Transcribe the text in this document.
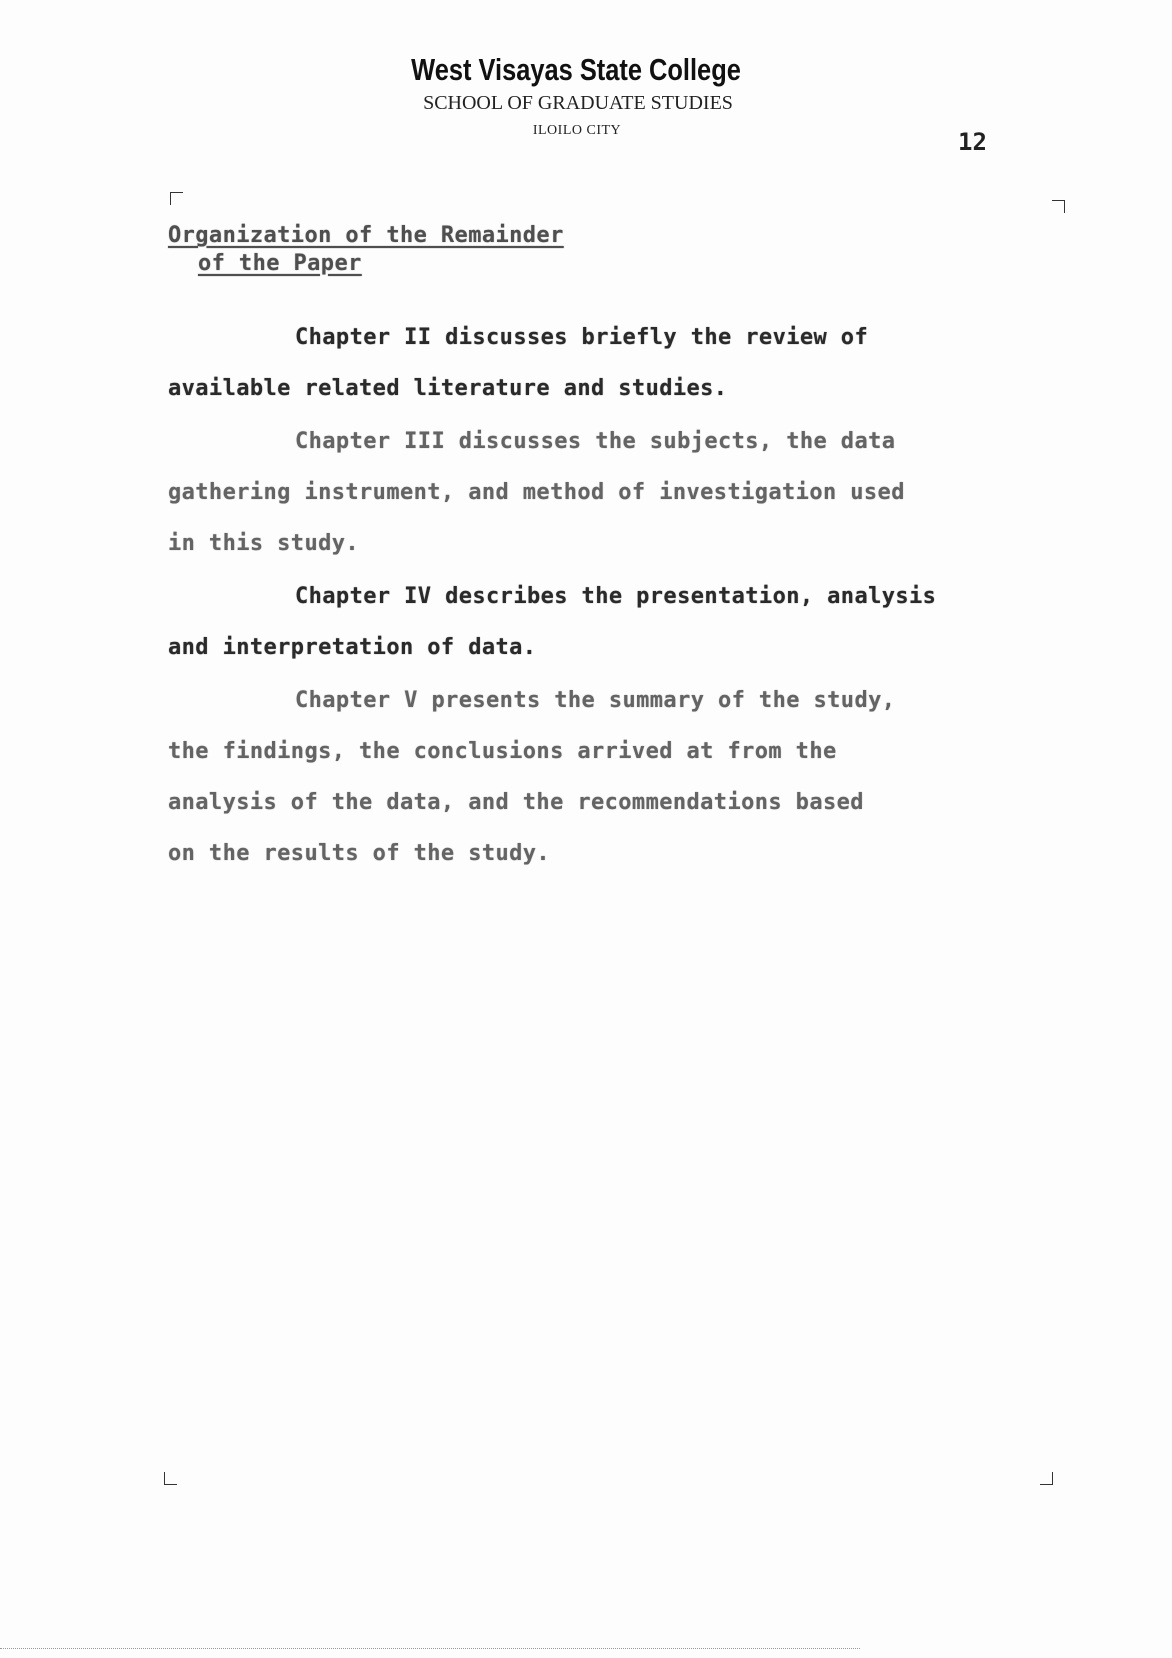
West Visayas State College
SCHOOL OF GRADUATE STUDIES
ILOILO CITY	12
Organization of the Remainder
of the Paper

Chapter II discusses briefly the review of
available related literature and studies.

Chapter III discusses the subjects, the data
gathering instrument, and method of investigation used
in this study.

Chapter IV describes the presentation, analysis
and interpretation of data.

Chapter V presents the summary of the study,
the findings, the conclusions arrived at from the
analysis of the data, and the recommendations based
on the results of the study.
